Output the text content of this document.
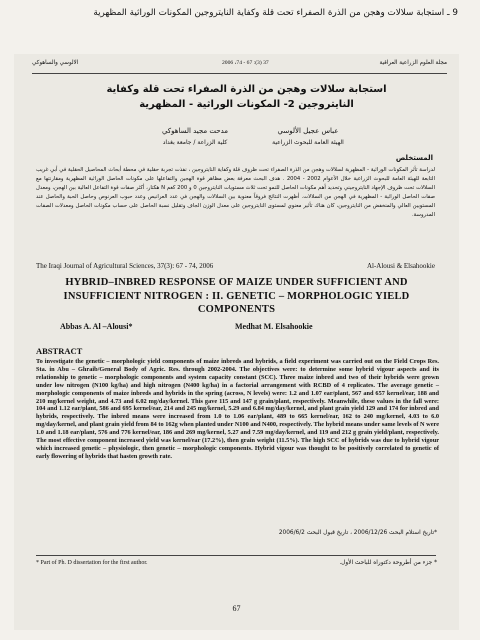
9 ـ استجابة سلالات وهجن من الذرة الصفراء تحت قلة وكفاية النايتروجين المكونات الوراثية المظهرية
الالوسي والساهوكي	2006 ،74 - 67 :(3) 37	مجلة العلوم الزراعية العراقية
استجابة سلالات وهجن من الذرة الصفراء تحت قلة وكفاية النايتروجين 2- المكونات الوراثية - المظهرية
عباس عجيل الألوسي
الهيئة العامة للبحوث الزراعية
مدحت مجيد الساهوكي
كلية الزراعة / جامعة بغداد
المستخلص
لدراسة تأثر المكونات الوراثية - المظهرية لسلالات وهجن من الذرة الصفراء تحت ظروف قلة وكفاية النايتروجين ، نفذت تجربة حقلية في محطة أبحاث المحاصيل الحقلية في أبي غريب التابعة للهيئة العامة للبحوث الزراعية خلال الأعوام 2002 - 2004 . هدف البحث معرفة بعض مظاهر قوة الهجين والتفاعلها على مكونات الحاصل الوراثية المظهرية ومقارنتها مع السلالات تحت ظروف الإجهاد النايتروجيني وتحديد أهم مكونات الحاصل للنمو تحت ثلاث مستويات النايتروجين 0 و 200 كغم N هكتار، أكثر صفات قوة التفاعل العالية بين الهجن، ومعدل صفات الحاصل الوراثية - المظهرية في الهجن من السلالات. أظهرت النتائج فروقاً معنوية بين السلالات والهجن في عدد العرانيص وعدد حبوب العرنوص وحاصل الحبة والحاصل عند المستويين العالي والمنخفض من النايتروجين، كان هناك تأثير معنوي لمستوى النايتروجين على معدل الوزن الجاف وتقليل نسبة الحاصل على حساب مكونات الحاصل ومعدلات الصفات المدروسة.
The Iraqi Journal of Agricultural Sciences, 37(3): 67 - 74, 2006	Al-Alousi & Elsahookie
HYBRID–INBRED RESPONSE OF MAIZE UNDER SUFFICIENT AND INSUFFICIENT NITROGEN : II. GENETIC – MORPHOLOGIC YIELD COMPONENTS
Abbas A. Al –Alousi*	Medhat M. Elsahookie
ABSTRACT
To investigate the genetic – morphologic yield components of maize inbreds and hybrids, a field experiment was carried out on the Field Crops Res. Sta. in Abu – Ghraib/General Body of Agric. Res. through 2002-2004. The objectives were: to determine some hybrid vigour aspects and its relationship to genetic – morphologic components and system capacity constant (SCC). Three maize inbred and two of their hybrids were grown under low nitrogen (N100 kg/ha) and high nitrogen (N400 kg/ha) in a factorial arrangement with RCBD of 4 replicates. The average genetic – morphologic components of maize inbreds and hybrids in the spring (across, N levels) were: 1.2 and 1.07 ear/plant, 567 and 657 kernel/ear, 188 and 210 mg/kernel weight, and 4.73 and 6.02 mg/day/kernel. This gave 115 and 147 g grain/plant, respectively. Meanwhile, these values in the fall were: 104 and 1.12 ear/plant, 586 and 695 kernel/ear, 214 and 245 mg/kernel, 5.29 and 6.84 mg/day/kernel, and plant grain yield 129 and 174 for inbred and hybrids, respectively. The inbred means were increased from 1.0 to 1.06 ear/plant, 489 to 665 kernel/ear, 162 to 240 mg/kernel, 4.03 to 6.0 mg/day/kernel, and plant grain yield from 84 to 162g when planted under N100 and N400, respectively. The hybrid means under same levels of N were 1.0 and 1.18 ear/plant, 576 and 776 kernel/ear, 186 and 269 mg/kernel, 5.27 and 7.59 mg/day/kernel, and 119 and 212 g grain yield/plant, respectively. The most effective component increased yield was kernel/ear (17.2%), then grain weight (11.5%). The high SCC of hybrids was due to hybrid vigour which increased genetic – physiologic, then genetic – morphologic components. Hybrid vigour was thought to be positively correlated to genetic of early flowering of hybrids that hasten growth rate.
*تاريخ استلام البحث 2006/12/26 ، تاريخ قبول البحث 2006/6/2
* Part of Ph. D dissertation for the first author.	* جزء من أطروحة دكتوراه للباحث الأول.
67
